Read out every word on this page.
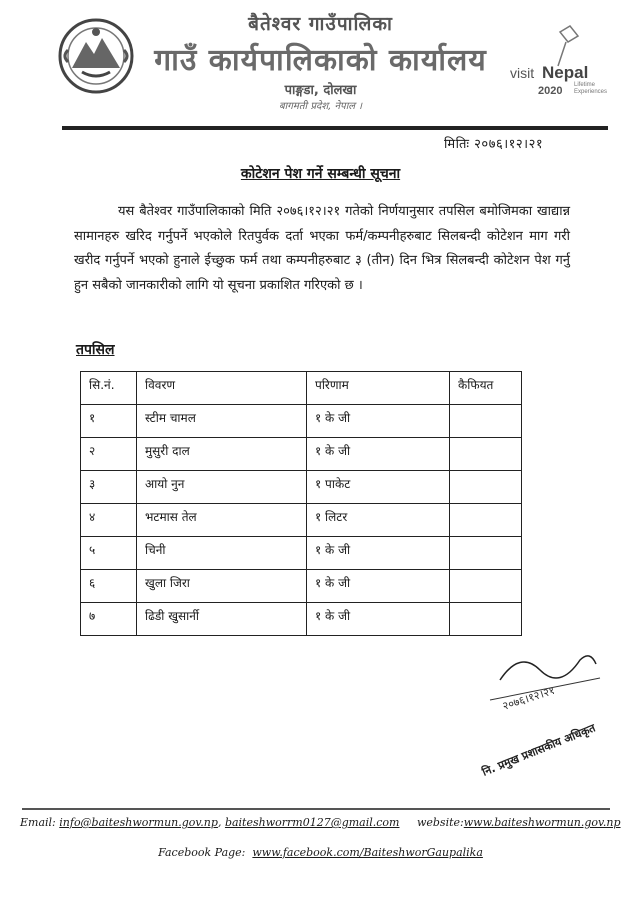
बैतेश्वर गाउँपालिका
गाउँ कार्यपालिकाको कार्यालय
पाङ्गडा, दोलखा
बागमती प्रदेश, नेपाल ।
visit Nepal
2020 Lifetime
Experiences
मितिः २०७६।१२।२१
कोटेशन पेश गर्ने सम्बन्धी सूचना
यस बैतेश्वर गाउँपालिकाको मिति २०७६।१२।२१ गतेको निर्णयानुसार तपसिल बमोजिमका खाद्यान्न सामानहरु खरिद गर्नुपर्ने भएकोले रितपुर्वक दर्ता भएका फर्म/कम्पनीहरुबाट सिलबन्दी कोटेशन माग गरी खरीद गर्नुपर्ने भएको हुनाले ईच्छुक फर्म तथा कम्पनीहरुबाट ३ (तीन) दिन भित्र सिलबन्दी कोटेशन पेश गर्नु हुन सबैको जानकारीको लागि यो सूचना प्रकाशित गरिएको छ ।
तपसिल
सि.नं.	विवरण	परिणाम	कैफियत
१	स्टीम चामल	१ के जी	
२	मुसुरी दाल	१ के जी	
३	आयो नुन	१ पाकेट	
४	भटमास तेल	१ लिटर	
५	चिनी	१ के जी	
६	खुला जिरा	१ के जी	
७	ढिडी खुसार्नी	१ के जी	
२०७६।१२।२१
नि. प्रमुख प्रशासकीय अधिकृत
Email: info@baiteshwormun.gov.np, baiteshworrm0127@gmail.com website:www.baiteshwormun.gov.np
Facebook Page: www.facebook.com/BaiteshworGaupalika
